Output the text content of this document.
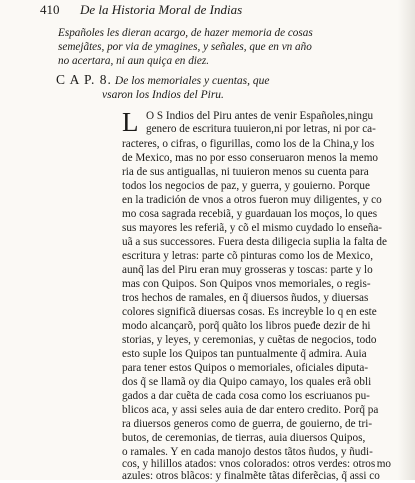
410 De la Historia Moral de Indias
Españoles les dieran acargo, de hazer memoria de cosas
semejãtes, por via de ymagines, y señales, que en vn año
no acertara, ni aun quiça en diez.
C A P. 8. De los memoriales y cuentas, que
vsaron los Indios del Piru.
L O S Indios del Piru antes de venir Españoles,ningu
genero de escritura tuuieron,ni por letras, ni por ca-
racteres, o cifras, o figurillas, como los de la China,y los
de Mexico, mas no por esso conseruaron menos la memo
ria de sus antiguallas, ni tuuieron menos su cuenta para
todos los negocios de paz, y guerra, y gouierno. Porque
en la tradición de vnos a otros fueron muy diligentes, y co
mo cosa sagrada recebiã, y guardauan los moços, lo ques
sus mayores les referiã, y cõ el mismo cuydado lo enseña-
uã a sus successores. Fuera desta diligecia suplia la falta de
escritura y letras: parte cõ pinturas como los de Mexico,
aunq̃ las del Piru eran muy grosseras y toscas: parte y lo
mas con Quipos. Son Quipos vnos memoriales, o regis-
tros hechos de ramales, en q̃ diuersos ñudos, y diuersas
colores significã diuersas cosas. Es increyble lo q en este
modo alcançarõ, porq̃ quãto los libros pueđe dezir de hi
storias, y leyes, y ceremonias, y cuẽtas de negocios, todo
esto suple los Quipos tan puntualmente q̃ admira. Auia
para tener estos Quipos o memoriales, oficiales diputa-
dos q̃ se llamã oy dia Quipo camayo, los quales erã obli
gados a dar cuẽta de cada cosa como los escriuanos pu-
blicos aca, y assi seles auia de dar entero credito. Porq̃ pa
ra diuersos generos como de guerra, de gouierno, de tri-
butos, de ceremonias, de tierras, auia diuersos Quipos,
o ramales. Y en cada manojo destos tãtos ñudos, y ñudi-
cos, y hilillos atados: vnos colorados: otros verdes: otros
azules: otros blãcos: y finalmẽte tãtas diferẽcias, q̃ assi co
mo
